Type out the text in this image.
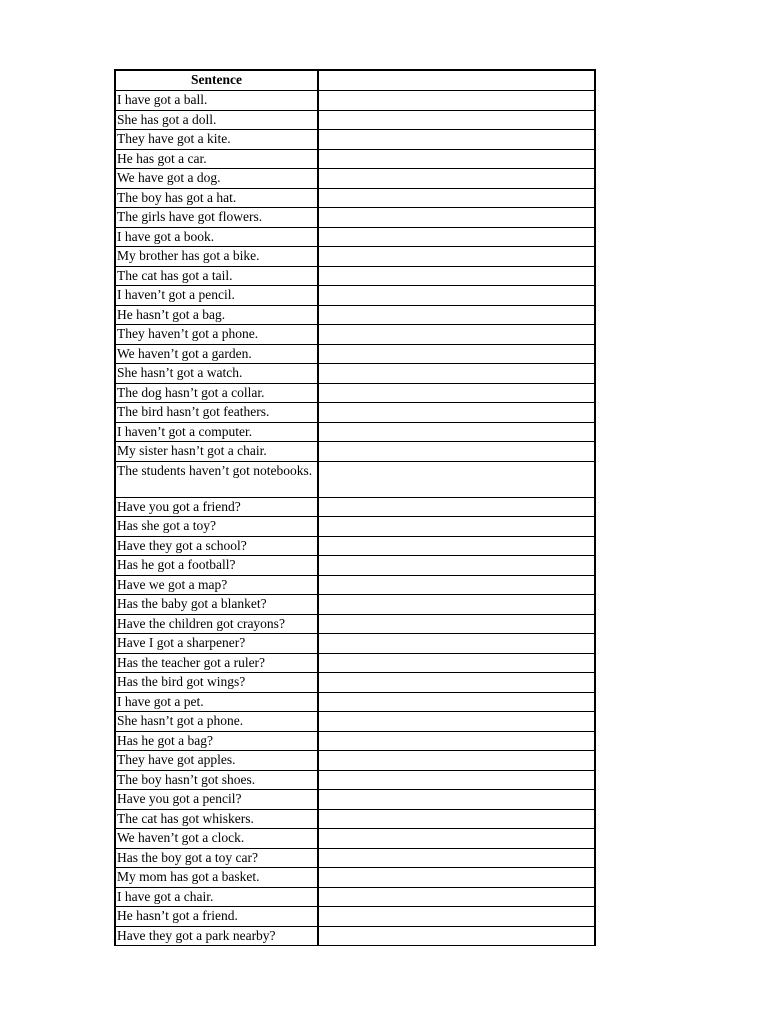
Sentence	
I have got a ball.	
She has got a doll.	
They have got a kite.	
He has got a car.	
We have got a dog.	
The boy has got a hat.	
The girls have got flowers.	
I have got a book.	
My brother has got a bike.	
The cat has got a tail.	
I haven’t got a pencil.	
He hasn’t got a bag.	
They haven’t got a phone.	
We haven’t got a garden.	
She hasn’t got a watch.	
The dog hasn’t got a collar.	
The bird hasn’t got feathers.	
I haven’t got a computer.	
My sister hasn’t got a chair.	
The students haven’t got notebooks.	
Have you got a friend?	
Has she got a toy?	
Have they got a school?	
Has he got a football?	
Have we got a map?	
Has the baby got a blanket?	
Have the children got crayons?	
Have I got a sharpener?	
Has the teacher got a ruler?	
Has the bird got wings?	
I have got a pet.	
She hasn’t got a phone.	
Has he got a bag?	
They have got apples.	
The boy hasn’t got shoes.	
Have you got a pencil?	
The cat has got whiskers.	
We haven’t got a clock.	
Has the boy got a toy car?	
My mom has got a basket.	
I have got a chair.	
He hasn’t got a friend.	
Have they got a park nearby?	
